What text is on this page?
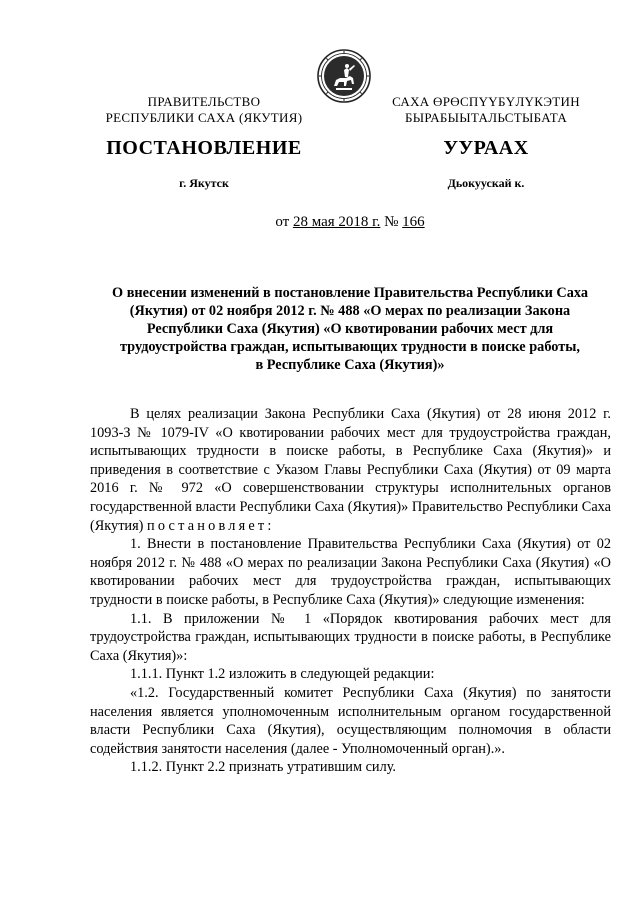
ПРАВИТЕЛЬСТВО
РЕСПУБЛИКИ САХА (ЯКУТИЯ)
САХА ӨРӨСПҮҮБҮЛҮКЭТИН
БЫРАБЫЫТАЛЬСТЫБАТА
ПОСТАНОВЛЕНИЕ	УУРААХ
г. Якутск	Дьокуускай к.
от 28 мая 2018 г. № 166
О внесении изменений в постановление Правительства Республики Саха
(Якутия) от 02 ноября 2012 г. № 488 «О мерах по реализации Закона
Республики Саха (Якутия) «О квотировании рабочих мест для
трудоустройства граждан, испытывающих трудности в поиске работы,
в Республике Саха (Якутия)»

В целях реализации Закона Республики Саха (Якутия) от 28 июня 2012 г. 1093-З № 1079-IV «О квотировании рабочих мест для трудоустройства граждан, испытывающих трудности в поиске работы, в Республике Саха (Якутия)» и приведения в соответствие с Указом Главы Республики Саха (Якутия) от 09 марта 2016 г. № 972 «О совершенствовании структуры исполнительных органов государственной власти Республики Саха (Якутия)» Правительство Республики Саха (Якутия) постановляет:

1. Внести в постановление Правительства Республики Саха (Якутия) от 02 ноября 2012 г. № 488 «О мерах по реализации Закона Республики Саха (Якутия) «О квотировании рабочих мест для трудоустройства граждан, испытывающих трудности в поиске работы, в Республике Саха (Якутия)» следующие изменения:

1.1. В приложении № 1 «Порядок квотирования рабочих мест для трудоустройства граждан, испытывающих трудности в поиске работы, в Республике Саха (Якутия)»:

1.1.1. Пункт 1.2 изложить в следующей редакции:

«1.2. Государственный комитет Республики Саха (Якутия) по занятости населения является уполномоченным исполнительным органом государственной власти Республики Саха (Якутия), осуществляющим полномочия в области содействия занятости населения (далее - Уполномоченный орган).».

1.1.2. Пункт 2.2 признать утратившим силу.
